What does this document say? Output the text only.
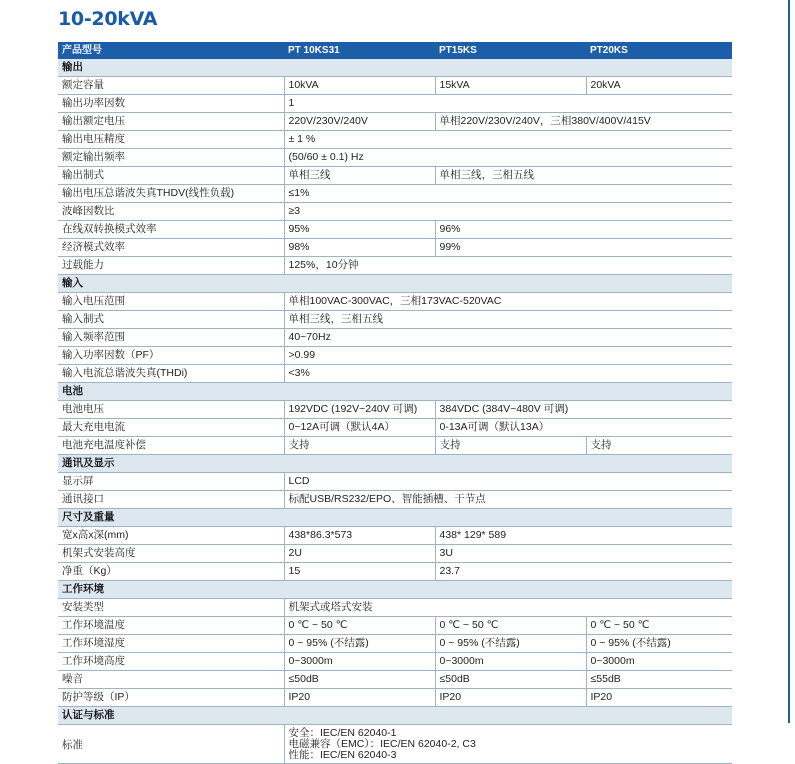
10-20kVA
产品型号	PT 10KS31	PT15KS	PT20KS
输出			
额定容量	10kVA	15kVA	20kVA
输出功率因数	1		
输出额定电压	220V/230V/240V	单相220V/230V/240V，三相380V/400V/415V	
输出电压精度	± 1 %		
额定输出频率	(50/60 ± 0.1) Hz		
输出制式	单相三线	单相三线，三相五线	
输出电压总谐波失真THDV(线性负载)	≤1%		
波峰因数比	≥3		
在线双转换模式效率	95%	96%	
经济模式效率	98%	99%	
过载能力	125%，10分钟		
输入			
输入电压范围	单相100VAC-300VAC，三相173VAC-520VAC		
输入制式	单相三线，三相五线		
输入频率范围	40~70Hz		
输入功率因数（PF）	>0.99		
输入电流总谐波失真(THDi)	<3%		
电池			
电池电压	192VDC (192V~240V 可调)	384VDC (384V~480V 可调)	
最大充电电流	0~12A可调（默认4A）	0-13A可调（默认13A）	
电池充电温度补偿	支持	支持	支持
通讯及显示			
显示屏	LCD		
通讯接口	标配USB/RS232/EPO、智能插槽、干节点		
尺寸及重量			
宽x高x深(mm)	438*86.3*573	438* 129* 589	
机架式安装高度	2U	3U	
净重（Kg）	15	23.7	
工作环境			
安装类型	机架式或塔式安装		
工作环境温度	0 ℃ ~ 50 ℃	0 ℃ ~ 50 ℃	0 ℃ ~ 50 ℃
工作环境湿度	0 ~ 95% (不结露)	0 ~ 95% (不结露)	0 ~ 95% (不结露)
工作环境高度	0~3000m	0~3000m	0~3000m
噪音	≤50dB	≤50dB	≤55dB
防护等级（IP）	IP20	IP20	IP20
认证与标准			
标准	安全：IEC/EN 62040-1
电磁兼容（EMC）：IEC/EN 62040-2, C3
性能：IEC/EN 62040-3		
